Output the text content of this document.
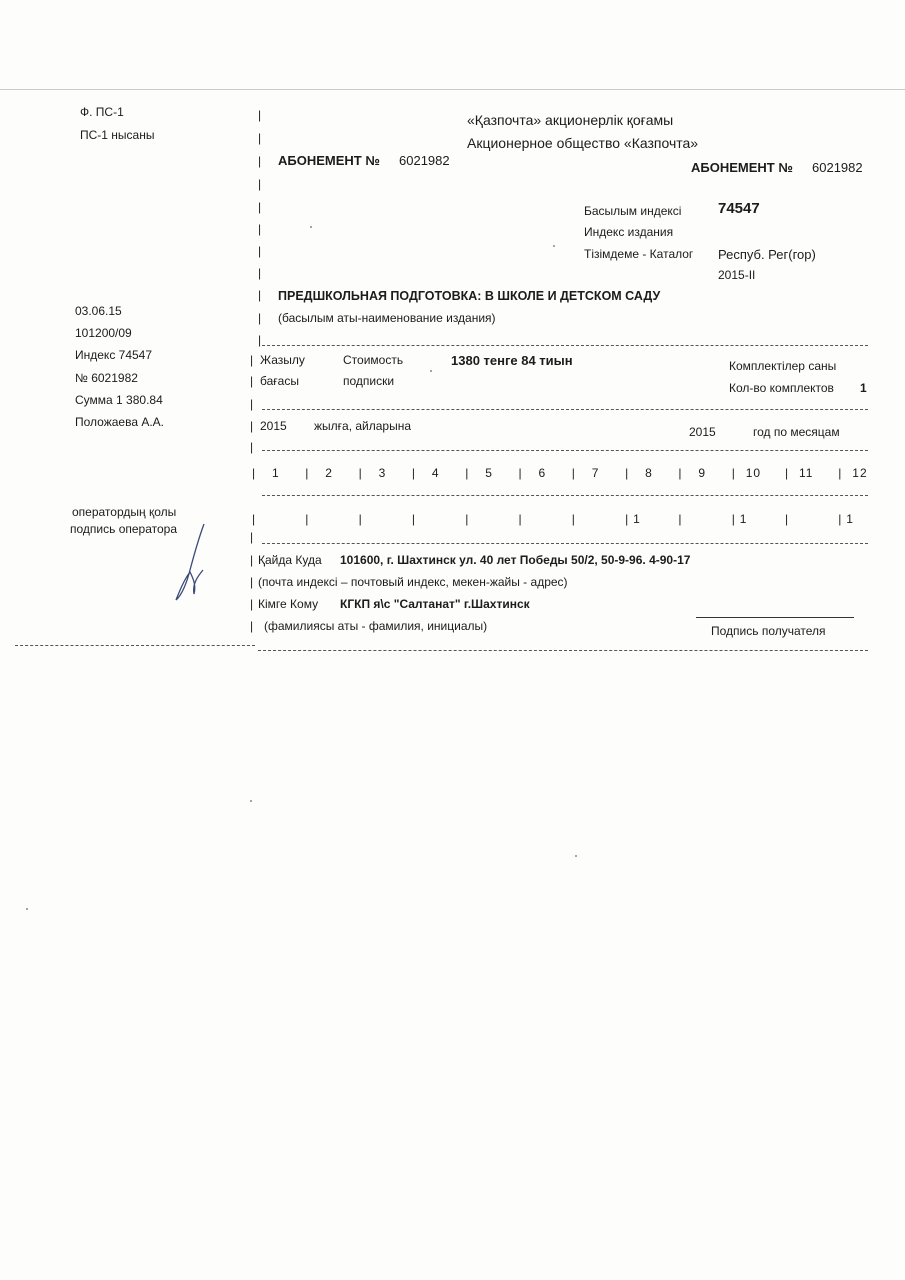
Ф. ПС-1
ПС-1 нысаны
03.06.15
101200/09
Индекс 74547
№ 6021982
Сумма 1 380.84
Положаева А.А.
оператордың қолы
подпись оператора
|
|
|
|
|
|
|
|
|
|
|
«Қазпочта» акционерлік қоғамы
Акционерное общество «Казпочта»
АБОНЕМЕНТ № 6021982	АБОНЕМЕНТ № 6021982
Басылым индексі 74547
Индекс издания
Тізімдеме - Каталог Респуб. Рег(гор)
2015-II
ПРЕДШКОЛЬНАЯ ПОДГОТОВКА: В ШКОЛЕ И ДЕТСКОМ САДУ
(басылым аты-наименование издания)
|
|
Жазылу
бағасы
Стоимость
подписки
1380 тенге 84 тиын	Комплектілер саны
Кол-во комплектов 1
|
| 2015 жылға, айларына	2015	год по месяцам
|
| 1 | 2 | 3 | 4 | 5 | 6 | 7 | 8 | 9 | 10 | 11 | 12
|	|	|	|	|	|	|	| 1	|	| 1	|	| 1
|
| Қайда Куда 101600, г. Шахтинск ул. 40 лет Победы 50/2, 50-9-96. 4-90-17
| (почта индексі – почтовый индекс, мекен-жайы - адрес)
| Кімге Кому КГКП я\с "Салтанат" г.Шахтинск
| (фамилиясы аты - фамилия, инициалы)	Подпись получателя
